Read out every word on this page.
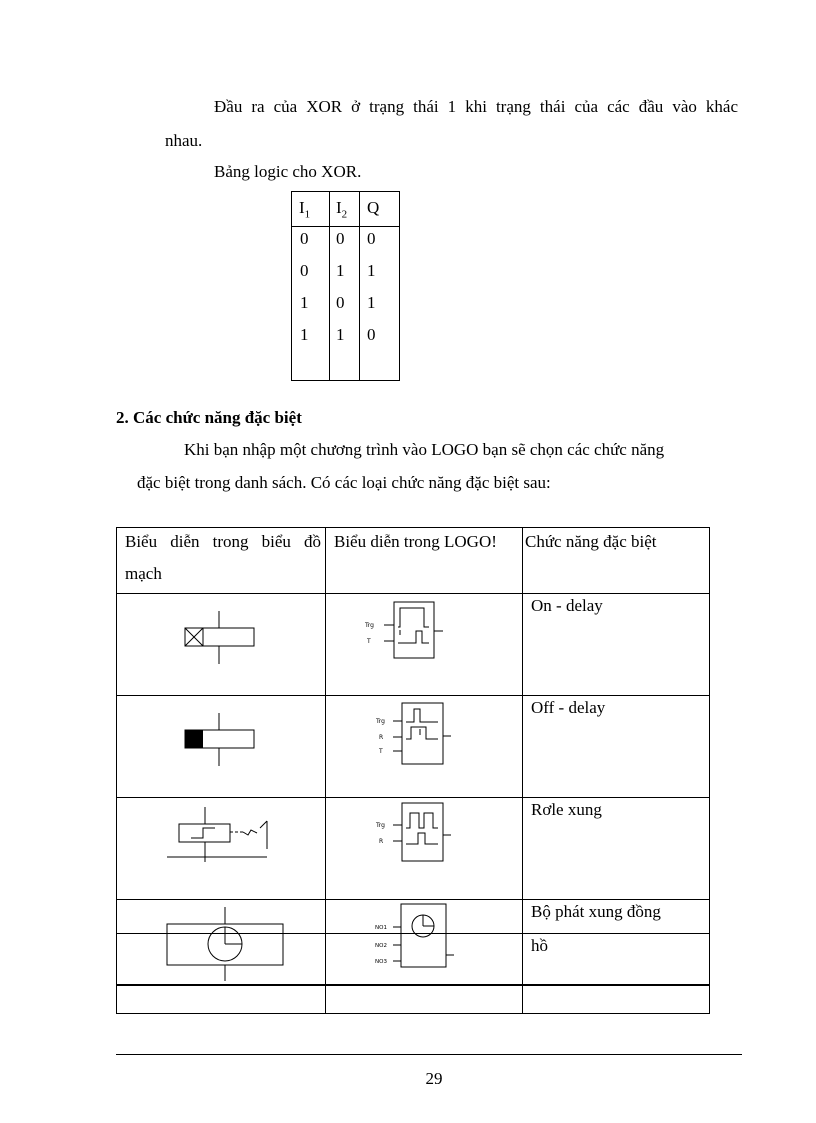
Đầu ra của XOR ở trạng thái 1 khi trạng thái của các đầu vào khác
nhau.
Bảng logic cho XOR.
$I_1$ $I_2$ Q
0 0 0
0 1 1
1 0 1
1 1 0
2. Các chức năng đặc biệt
Khi bạn nhập một chương trình vào LOGO bạn sẽ chọn các chức năng
đặc biệt trong danh sách. Có các loại chức năng đặc biệt sau:
Biểu diễn trong biểu đồ
mạch
Biểu diễn trong LOGO! Chức năng đặc biệt
On - delay
Off - delay
Rơle xung
Bộ phát xung đồng
hồ
Trg
T
Trg
R
T
Trg
R
NO1
NO2
NO3
29
